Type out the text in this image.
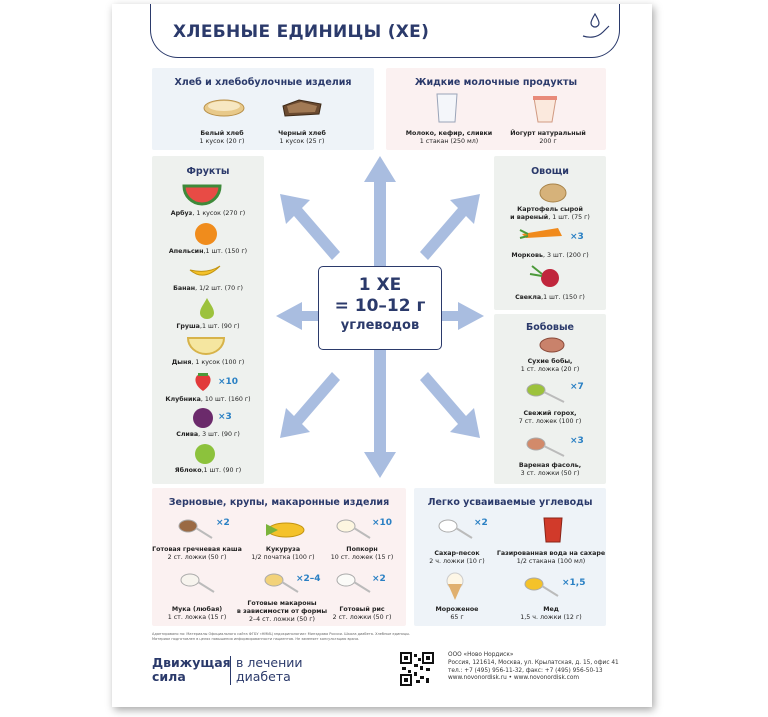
ХЛЕБНЫЕ ЕДИНИЦЫ (ХЕ)
Хлеб и хлебобулочные изделия
Белый хлеб
1 кусок (20 г)
Черный хлеб
1 кусок (25 г)
Жидкие молочные продукты
Молоко, кефир, сливки
1 стакан (250 мл)
Йогурт натуральный
200 г
Фрукты
Арбуз, 1 кусок (270 г)
Апельсин,1 шт. (150 г)
Банан, 1/2 шт. (70 г)
Груша,1 шт. (90 г)
Дыня, 1 кусок (100 г)
×10
Клубника, 10 шт. (160 г)
×3
Слива, 3 шт. (90 г)
Яблоко,1 шт. (90 г)
Овощи
Картофель сырой
и вареный, 1 шт. (75 г)
×3
Морковь, 3 шт. (200 г)
Свекла,1 шт. (150 г)
Бобовые
Сухие бобы,
1 ст. ложка (20 г)
×7
Свежий горох,
7 ст. ложек (100 г)
×3
Вареная фасоль,
3 ст. ложки (50 г)
1 ХЕ
= 10–12 г
углеводов
Зерновые, крупы, макаронные изделия
×2
Готовая гречневая каша
2 ст. ложки (50 г)
Кукуруза
1/2 початка (100 г)
×10
Попкорн
10 ст. ложек (15 г)
Мука (любая)
1 ст. ложка (15 г)
×2–4
Готовые макароны
в зависимости от формы
2–4 ст. ложки (50 г)
×2
Готовый рис
2 ст. ложки (50 г)
Легко усваиваемые углеводы
×2
Сахар-песок
2 ч. ложки (10 г)
Газированная вода на сахаре
1/2 стакана (100 мл)
Мороженое
65 г
×1,5
Мед
1,5 ч. ложки (12 г)
Адаптировано по: Материалы Официального сайта ФГБУ «НМИЦ эндокринологии» Минздрава России. Школа диабета. Хлебные единицы.
Материал подготовлен в целях повышения информированности пациентов. Не заменяет консультацию врача.
Движущая
сила
в лечении
диабета
ООО «Ново Нордиск»
Россия, 121614, Москва, ул. Крылатская, д. 15, офис 41
тел.: +7 (495) 956-11-32, факс: +7 (495) 956-50-13
www.novonordisk.ru • www.novonordisk.com
